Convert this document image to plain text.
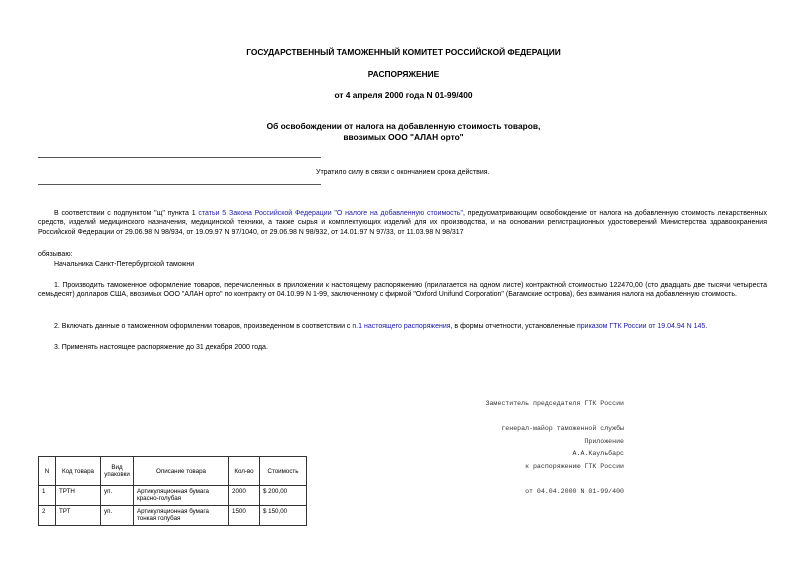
ГОСУДАРСТВЕННЫЙ ТАМОЖЕННЫЙ КОМИТЕТ РОССИЙСКОЙ ФЕДЕРАЦИИ
РАСПОРЯЖЕНИЕ
от 4 апреля 2000 года N 01-99/400
Об освобождении от налога на добавленную стоимость товаров,
ввозимых ООО "АЛАН орто"
Утратило силу в связи с окончанием срока действия.
В соответствии с подпунктом "щ" пункта 1 статьи 5 Закона Российской Федерации "О налоге на добавленную стоимость", предусматривающим освобождение от налога на добавленную стоимость лекарственных средств, изделий медицинского назначения, медицинской техники, а также сырья и комплектующих изделий для их производства, и на основании регистрационных удостоверений Министерства здравоохранения Российской Федерации от 29.06.98 N 98/934, от 19.09.97 N 97/1040, от 29.06.98 N 98/932, от 14.01.97 N 97/33, от 11.03.98 N 98/317
обязываю:
Начальника Санкт-Петербургской таможни
1. Производить таможенное оформление товаров, перечисленных в приложении к настоящему распоряжению (прилагается на одном листе) контрактной стоимостью 122470,00 (сто двадцать две тысячи четыреста семьдесят) долларов США, ввозимых ООО "АЛАН орто" по контракту от 04.10.99 N 1-99, заключенному с фирмой "Oxford Unifund Corporation" (Багамские острова), без взимания налога на добавленную стоимость.
2. Включать данные о таможенном оформлении товаров, произведенном в соответствии с п.1 настоящего распоряжения, в формы отчетности, установленные приказом ГТК России от 19.04.94 N 145.
3. Применять настоящее распоряжение до 31 декабря 2000 года.

Заместитель председателя ГТК России

генерал-майор таможенной службы

А.А.Каульбарс

Приложение

к распоряжению ГТК России

от 04.04.2000 N 01-99/400

N	Код товара	Вид упаковки	Описание товара	Кол-во	Стоимость
1	ТРТН	уп.	Артикуляционная бумага красно-голубая	2000	$ 200,00
2	ТРТ	уп.	Артикуляционная бумага тонкая голубая	1500	$ 150,00
